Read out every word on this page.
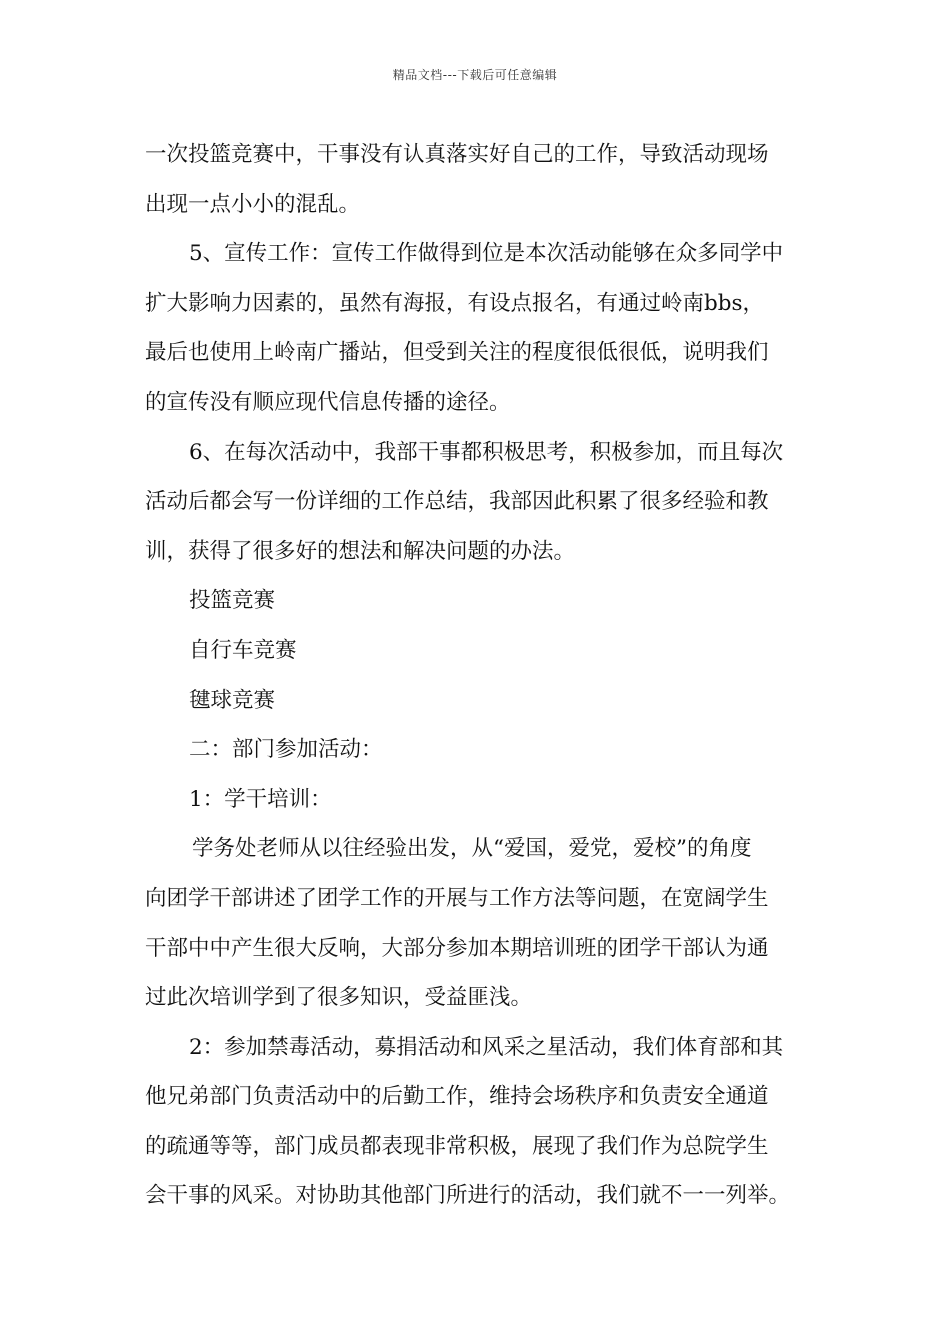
精品文档---下载后可任意编辑
一次投篮竞赛中，干事没有认真落实好自己的工作，导致活动现场
出现一点小小的混乱。
5、宣传工作：宣传工作做得到位是本次活动能够在众多同学中
扩大影响力因素的，虽然有海报，有设点报名，有通过岭南bbs，
最后也使用上岭南广播站，但受到关注的程度很低很低，说明我们
的宣传没有顺应现代信息传播的途径。
6、在每次活动中，我部干事都积极思考，积极参加，而且每次
活动后都会写一份详细的工作总结，我部因此积累了很多经验和教
训，获得了很多好的想法和解决问题的办法。
投篮竞赛
自行车竞赛
毽球竞赛
二：部门参加活动：
1：学干培训：
学务处老师从以往经验出发，从“爱国，爱党，爱校”的角度
向团学干部讲述了团学工作的开展与工作方法等问题，在宽阔学生
干部中中产生很大反响，大部分参加本期培训班的团学干部认为通
过此次培训学到了很多知识，受益匪浅。
2：参加禁毒活动，募捐活动和风采之星活动，我们体育部和其
他兄弟部门负责活动中的后勤工作，维持会场秩序和负责安全通道
的疏通等等，部门成员都表现非常积极，展现了我们作为总院学生
会干事的风采。对协助其他部门所进行的活动，我们就不一一列举。
